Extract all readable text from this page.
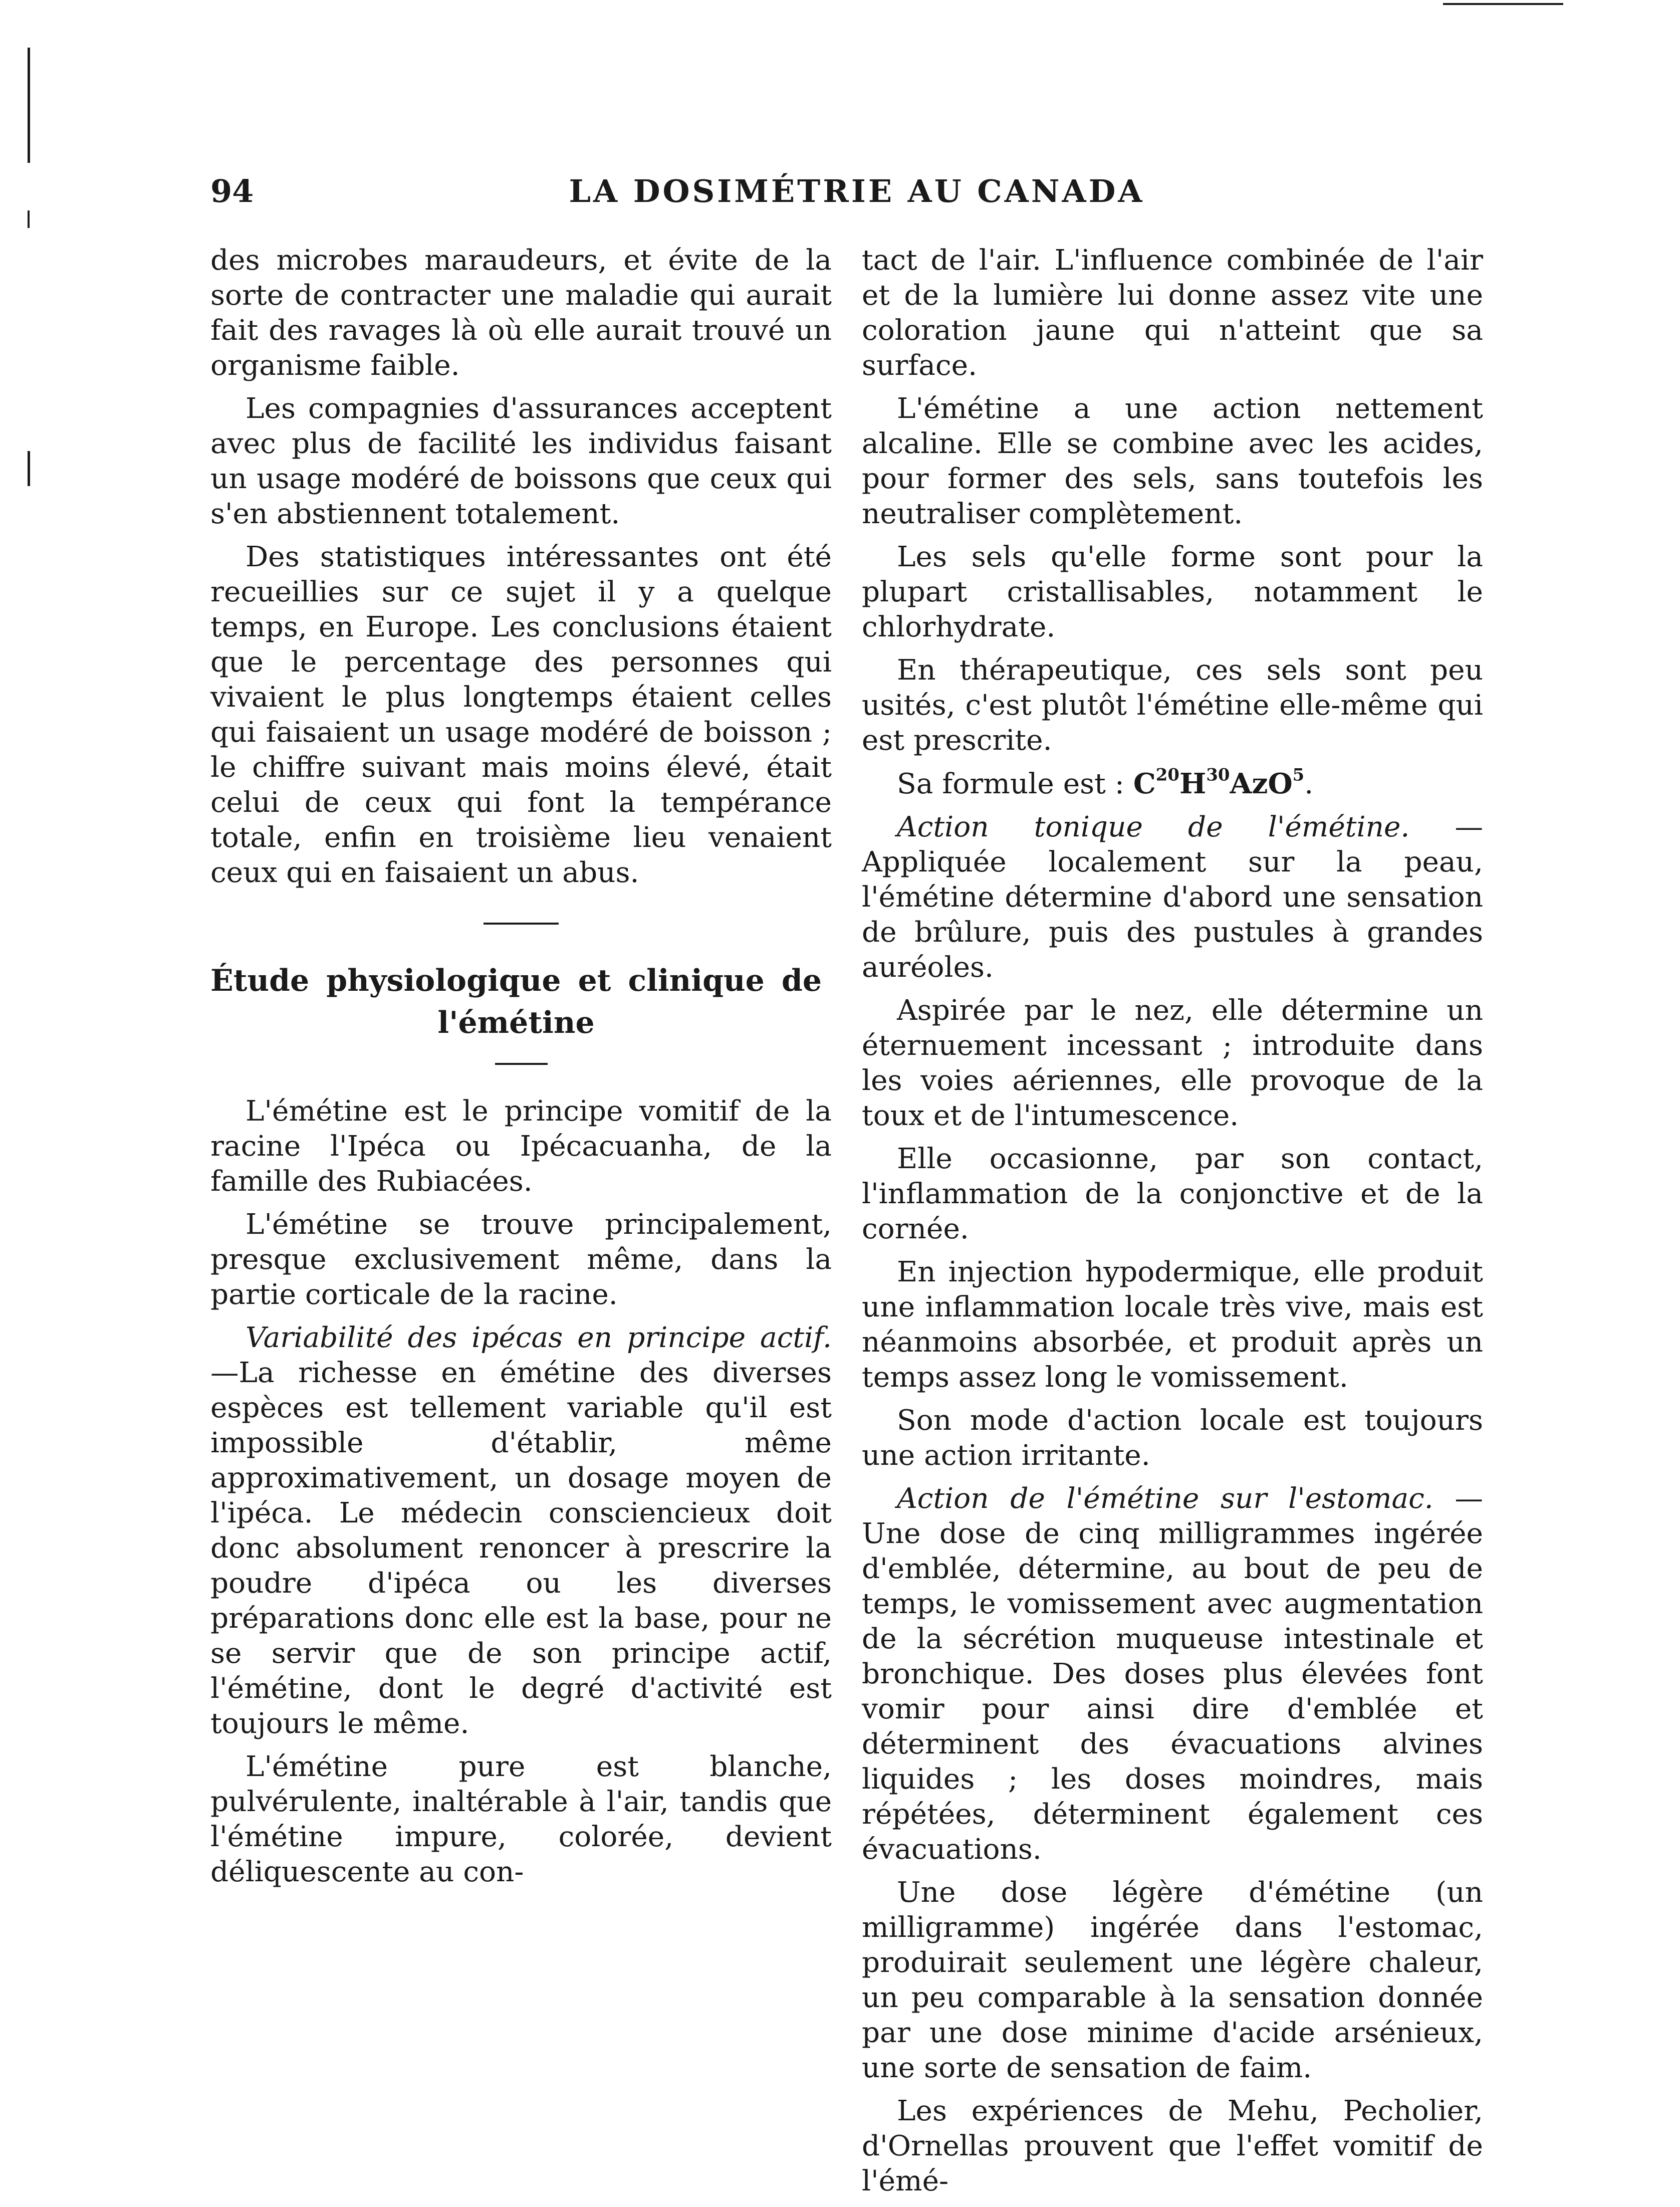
94	LA DOSIMÉTRIE AU CANADA

des microbes maraudeurs, et évite de la sorte de contracter une maladie qui aurait fait des ravages là où elle aurait trouvé un organisme faible.

Les compagnies d'assurances acceptent avec plus de facilité les individus faisant un usage modéré de boissons que ceux qui s'en abstiennent totalement.

Des statistiques intéressantes ont été recueillies sur ce sujet il y a quelque temps, en Europe. Les conclusions étaient que le percentage des personnes qui vivaient le plus longtemps étaient celles qui faisaient un usage modéré de boisson ; le chiffre suivant mais moins élevé, était celui de ceux qui font la tempérance totale, enfin en troisième lieu venaient ceux qui en faisaient un abus.

Étude physiologique et clinique de
l'émétine

L'émétine est le principe vomitif de la racine l'Ipéca ou Ipécacuanha, de la famille des Rubiacées.

L'émétine se trouve principalement, presque exclusivement même, dans la partie corticale de la racine.

Variabilité des ipécas en principe actif.—La richesse en émétine des diverses espèces est tellement variable qu'il est impossible d'établir, même approximativement, un dosage moyen de l'ipéca. Le médecin consciencieux doit donc absolument renoncer à prescrire la poudre d'ipéca ou les diverses préparations donc elle est la base, pour ne se servir que de son principe actif, l'émétine, dont le degré d'activité est toujours le même.

L'émétine pure est blanche, pulvérulente, inaltérable à l'air, tandis que l'émétine impure, colorée, devient déliquescente au con-

tact de l'air. L'influence combinée de l'air et de la lumière lui donne assez vite une coloration jaune qui n'atteint que sa surface.

L'émétine a une action nettement alcaline. Elle se combine avec les acides, pour former des sels, sans toutefois les neutraliser complètement.

Les sels qu'elle forme sont pour la plupart cristallisables, notamment le chlorhydrate.

En thérapeutique, ces sels sont peu usités, c'est plutôt l'émétine elle-même qui est prescrite.

Sa formule est : $C^{20}H^{30}AzO^5$.

Action tonique de l'émétine. — Appliquée localement sur la peau, l'émétine détermine d'abord une sensation de brûlure, puis des pustules à grandes auréoles.

Aspirée par le nez, elle détermine un éternuement incessant ; introduite dans les voies aériennes, elle provoque de la toux et de l'intumescence.

Elle occasionne, par son contact, l'inflammation de la conjonctive et de la cornée.

En injection hypodermique, elle produit une inflammation locale très vive, mais est néanmoins absorbée, et produit après un temps assez long le vomissement.

Son mode d'action locale est toujours une action irritante.

Action de l'émétine sur l'estomac. — Une dose de cinq milligrammes ingérée d'emblée, détermine, au bout de peu de temps, le vomissement avec augmentation de la sécrétion muqueuse intestinale et bronchique. Des doses plus élevées font vomir pour ainsi dire d'emblée et déterminent des évacuations alvines liquides ; les doses moindres, mais répétées, déterminent également ces évacuations.

Une dose légère d'émétine (un milligramme) ingérée dans l'estomac, produirait seulement une légère chaleur, un peu comparable à la sensation donnée par une dose minime d'acide arsénieux, une sorte de sensation de faim.

Les expériences de Mehu, Pecholier, d'Ornellas prouvent que l'effet vomitif de l'émé-
